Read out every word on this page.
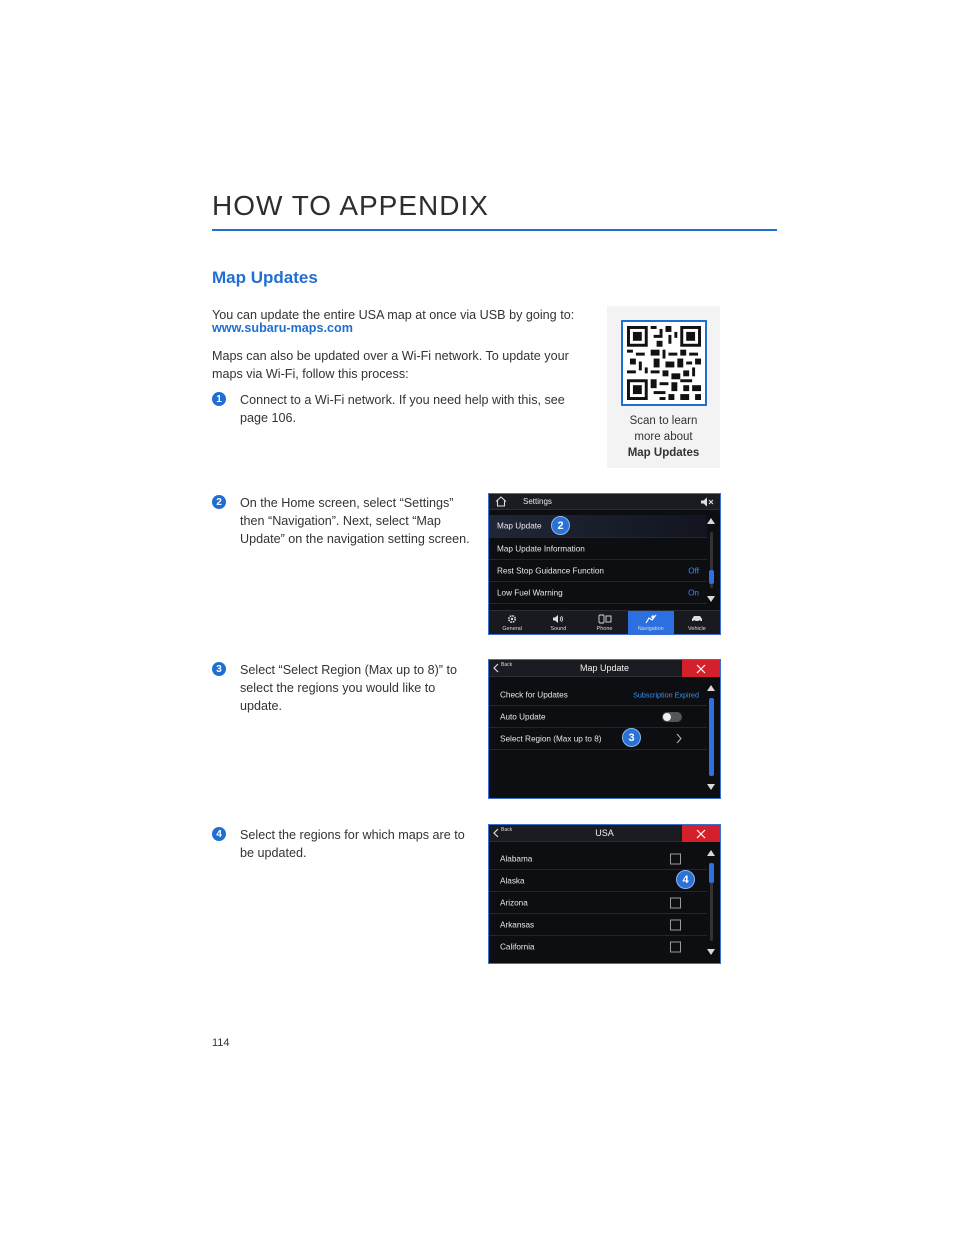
HOW TO APPENDIX
Map Updates
You can update the entire USA map at once via USB by going to:
www.subaru-maps.com
Maps can also be updated over a Wi-Fi network. To update your
maps via Wi-Fi, follow this process:
Scan to learn
more about
Map Updates
1	Connect to a Wi-Fi network. If you need help with this, see
page 106.
2	On the Home screen, select “Settings”
then “Navigation”. Next, select “Map
Update” on the navigation setting screen.
3	Select “Select Region (Max up to 8)” to
select the regions you would like to
update.
4	Select the regions for which maps are to
be updated.
Settings
Map Update
Map Update Information
Rest Stop Guidance Function	Off
Low Fuel Warning	On
2
General	Sound	Phone	Navigation	Vehicle
Map Update
Back
Check for Updates	Subscription Expired
Auto Update
Select Region (Max up to 8)	3
USA
Back
Alabama
Alaska
Arizona
Arkansas
California
4
114
